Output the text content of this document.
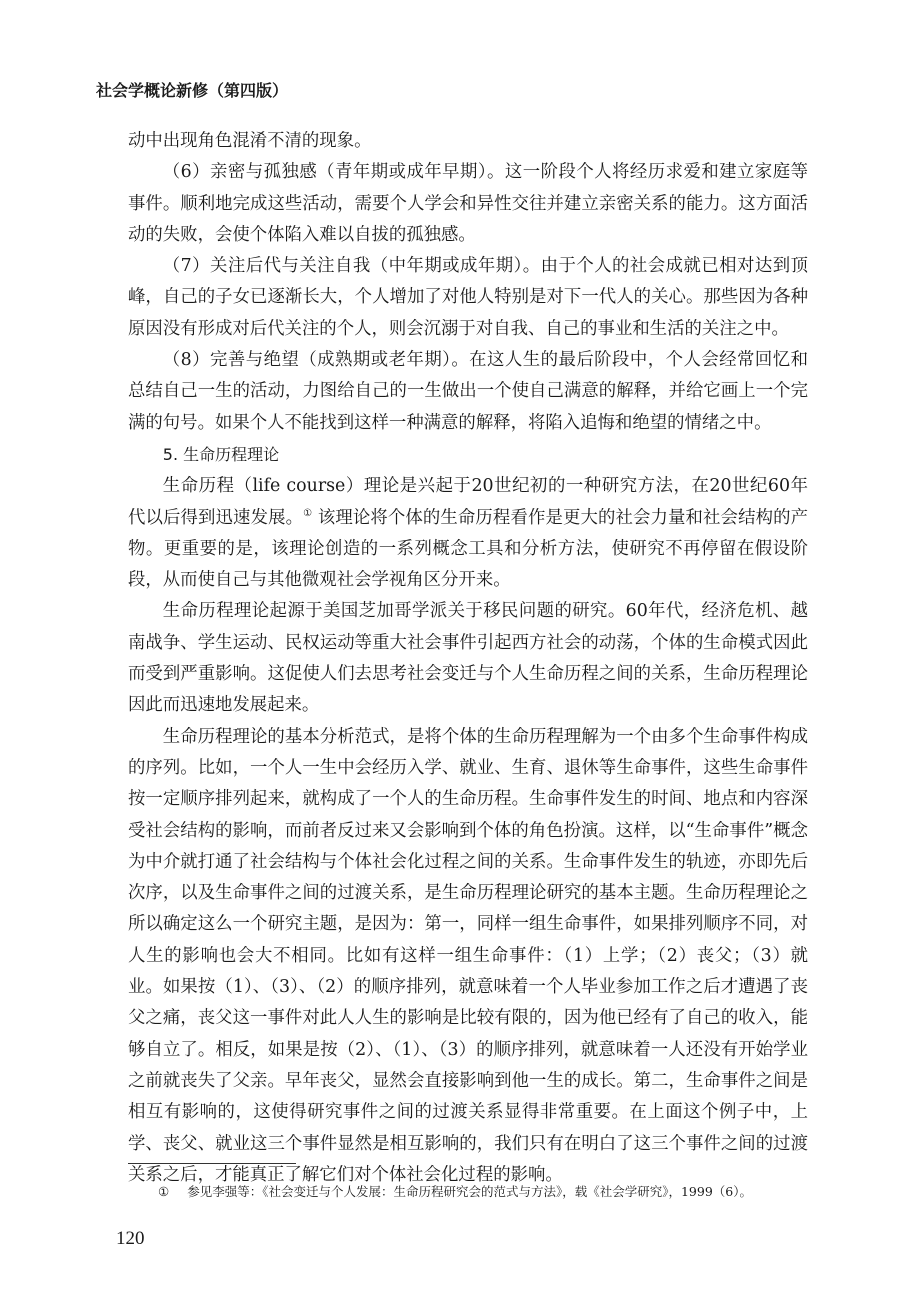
社会学概论新修（第四版）

动中出现角色混淆不清的现象。

（6）亲密与孤独感（青年期或成年早期）。这一阶段个人将经历求爱和建立家庭等事件。顺利地完成这些活动，需要个人学会和异性交往并建立亲密关系的能力。这方面活动的失败，会使个体陷入难以自拔的孤独感。

（7）关注后代与关注自我（中年期或成年期）。由于个人的社会成就已相对达到顶峰，自己的子女已逐渐长大，个人增加了对他人特别是对下一代人的关心。那些因为各种原因没有形成对后代关注的个人，则会沉溺于对自我、自己的事业和生活的关注之中。

（8）完善与绝望（成熟期或老年期）。在这人生的最后阶段中，个人会经常回忆和总结自己一生的活动，力图给自己的一生做出一个使自己满意的解释，并给它画上一个完满的句号。如果个人不能找到这样一种满意的解释，将陷入追悔和绝望的情绪之中。

5. 生命历程理论

生命历程（life course）理论是兴起于20世纪初的一种研究方法，在20世纪60年代以后得到迅速发展。① 该理论将个体的生命历程看作是更大的社会力量和社会结构的产物。更重要的是，该理论创造的一系列概念工具和分析方法，使研究不再停留在假设阶段，从而使自己与其他微观社会学视角区分开来。

生命历程理论起源于美国芝加哥学派关于移民问题的研究。60年代，经济危机、越南战争、学生运动、民权运动等重大社会事件引起西方社会的动荡，个体的生命模式因此而受到严重影响。这促使人们去思考社会变迁与个人生命历程之间的关系，生命历程理论因此而迅速地发展起来。

生命历程理论的基本分析范式，是将个体的生命历程理解为一个由多个生命事件构成的序列。比如，一个人一生中会经历入学、就业、生育、退休等生命事件，这些生命事件按一定顺序排列起来，就构成了一个人的生命历程。生命事件发生的时间、地点和内容深受社会结构的影响，而前者反过来又会影响到个体的角色扮演。这样，以“生命事件”概念为中介就打通了社会结构与个体社会化过程之间的关系。生命事件发生的轨迹，亦即先后次序，以及生命事件之间的过渡关系，是生命历程理论研究的基本主题。生命历程理论之所以确定这么一个研究主题，是因为：第一，同样一组生命事件，如果排列顺序不同，对人生的影响也会大不相同。比如有这样一组生命事件：（1）上学；（2）丧父；（3）就业。如果按（1）、（3）、（2）的顺序排列，就意味着一个人毕业参加工作之后才遭遇了丧父之痛，丧父这一事件对此人人生的影响是比较有限的，因为他已经有了自己的收入，能够自立了。相反，如果是按（2）、（1）、（3）的顺序排列，就意味着一人还没有开始学业之前就丧失了父亲。早年丧父，显然会直接影响到他一生的成长。第二，生命事件之间是相互有影响的，这使得研究事件之间的过渡关系显得非常重要。在上面这个例子中，上学、丧父、就业这三个事件显然是相互影响的，我们只有在明白了这三个事件之间的过渡关系之后，才能真正了解它们对个体社会化过程的影响。

① 参见李强等：《社会变迁与个人发展：生命历程研究会的范式与方法》，载《社会学研究》，1999（6）。
120
